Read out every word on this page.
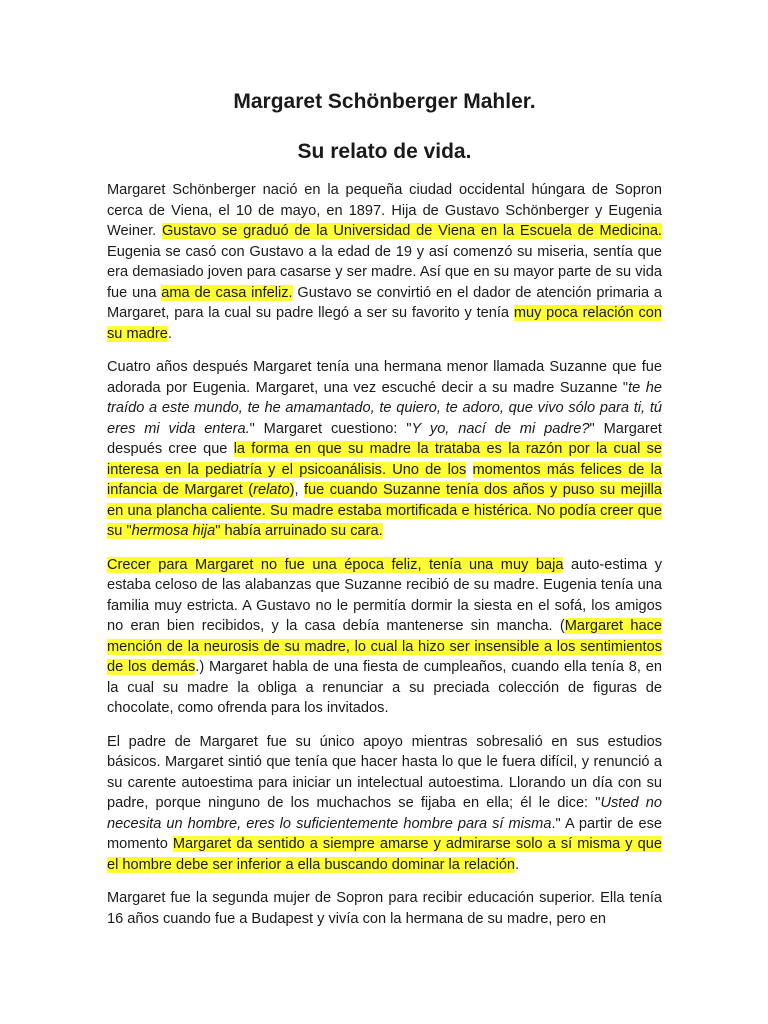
Margaret Schönberger Mahler.
Su relato de vida.

Margaret Schönberger nació en la pequeña ciudad occidental húngara de Sopron cerca de Viena, el 10 de mayo, en 1897. Hija de Gustavo Schönberger y Eugenia Weiner. Gustavo se graduó de la Universidad de Viena en la Escuela de Medicina. Eugenia se casó con Gustavo a la edad de 19 y así comenzó su miseria, sentía que era demasiado joven para casarse y ser madre. Así que en su mayor parte de su vida fue una ama de casa infeliz. Gustavo se convirtió en el dador de atención primaria a Margaret, para la cual su padre llegó a ser su favorito y tenía muy poca relación con su madre.

Cuatro años después Margaret tenía una hermana menor llamada Suzanne que fue adorada por Eugenia. Margaret, una vez escuché decir a su madre Suzanne "te he traído a este mundo, te he amamantado, te quiero, te adoro, que vivo sólo para ti, tú eres mi vida entera." Margaret cuestiono: "Y yo, nací de mi padre?" Margaret después cree que la forma en que su madre la trataba es la razón por la cual se interesa en la pediatría y el psicoanálisis. Uno de los momentos más felices de la infancia de Margaret (relato), fue cuando Suzanne tenía dos años y puso su mejilla en una plancha caliente. Su madre estaba mortificada e histérica. No podía creer que su "hermosa hija" había arruinado su cara.

Crecer para Margaret no fue una época feliz, tenía una muy baja auto-estima y estaba celoso de las alabanzas que Suzanne recibió de su madre. Eugenia tenía una familia muy estricta. A Gustavo no le permitía dormir la siesta en el sofá, los amigos no eran bien recibidos, y la casa debía mantenerse sin mancha. (Margaret hace mención de la neurosis de su madre, lo cual la hizo ser insensible a los sentimientos de los demás.) Margaret habla de una fiesta de cumpleaños, cuando ella tenía 8, en la cual su madre la obliga a renunciar a su preciada colección de figuras de chocolate, como ofrenda para los invitados.

El padre de Margaret fue su único apoyo mientras sobresalió en sus estudios básicos. Margaret sintió que tenía que hacer hasta lo que le fuera difícil, y renunció a su carente autoestima para iniciar un intelectual autoestima. Llorando un día con su padre, porque ninguno de los muchachos se fijaba en ella; él le dice: "Usted no necesita un hombre, eres lo suficientemente hombre para sí misma." A partir de ese momento Margaret da sentido a siempre amarse y admirarse solo a sí misma y que el hombre debe ser inferior a ella buscando dominar la relación.

Margaret fue la segunda mujer de Sopron para recibir educación superior. Ella tenía 16 años cuando fue a Budapest y vivía con la hermana de su madre, pero en
